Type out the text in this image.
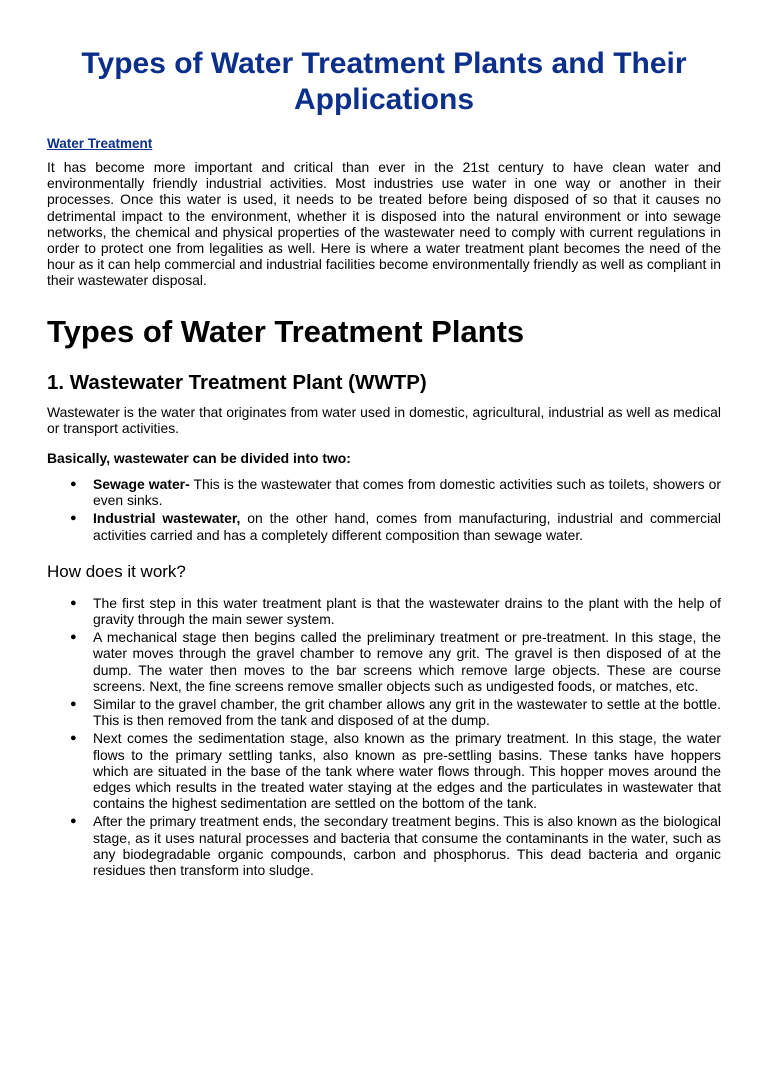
Types of Water Treatment Plants and Their Applications
Water Treatment

It has become more important and critical than ever in the 21st century to have clean water and environmentally friendly industrial activities. Most industries use water in one way or another in their processes. Once this water is used, it needs to be treated before being disposed of so that it causes no detrimental impact to the environment, whether it is disposed into the natural environment or into sewage networks, the chemical and physical properties of the wastewater need to comply with current regulations in order to protect one from legalities as well. Here is where a water treatment plant becomes the need of the hour as it can help commercial and industrial facilities become environmentally friendly as well as compliant in their wastewater disposal.

Types of Water Treatment Plants
1. Wastewater Treatment Plant (WWTP)

Wastewater is the water that originates from water used in domestic, agricultural, industrial as well as medical or transport activities.

Basically, wastewater can be divided into two:

● Sewage water- This is the wastewater that comes from domestic activities such as toilets, showers or even sinks.
● Industrial wastewater, on the other hand, comes from manufacturing, industrial and commercial activities carried and has a completely different composition than sewage water.
How does it work?
● The first step in this water treatment plant is that the wastewater drains to the plant with the help of gravity through the main sewer system.
● A mechanical stage then begins called the preliminary treatment or pre-treatment. In this stage, the water moves through the gravel chamber to remove any grit. The gravel is then disposed of at the dump. The water then moves to the bar screens which remove large objects. These are course screens. Next, the fine screens remove smaller objects such as undigested foods, or matches, etc.
● Similar to the gravel chamber, the grit chamber allows any grit in the wastewater to settle at the bottle. This is then removed from the tank and disposed of at the dump.
● Next comes the sedimentation stage, also known as the primary treatment. In this stage, the water flows to the primary settling tanks, also known as pre-settling basins. These tanks have hoppers which are situated in the base of the tank where water flows through. This hopper moves around the edges which results in the treated water staying at the edges and the particulates in wastewater that contains the highest sedimentation are settled on the bottom of the tank.
● After the primary treatment ends, the secondary treatment begins. This is also known as the biological stage, as it uses natural processes and bacteria that consume the contaminants in the water, such as any biodegradable organic compounds, carbon and phosphorus. This dead bacteria and organic residues then transform into sludge.
